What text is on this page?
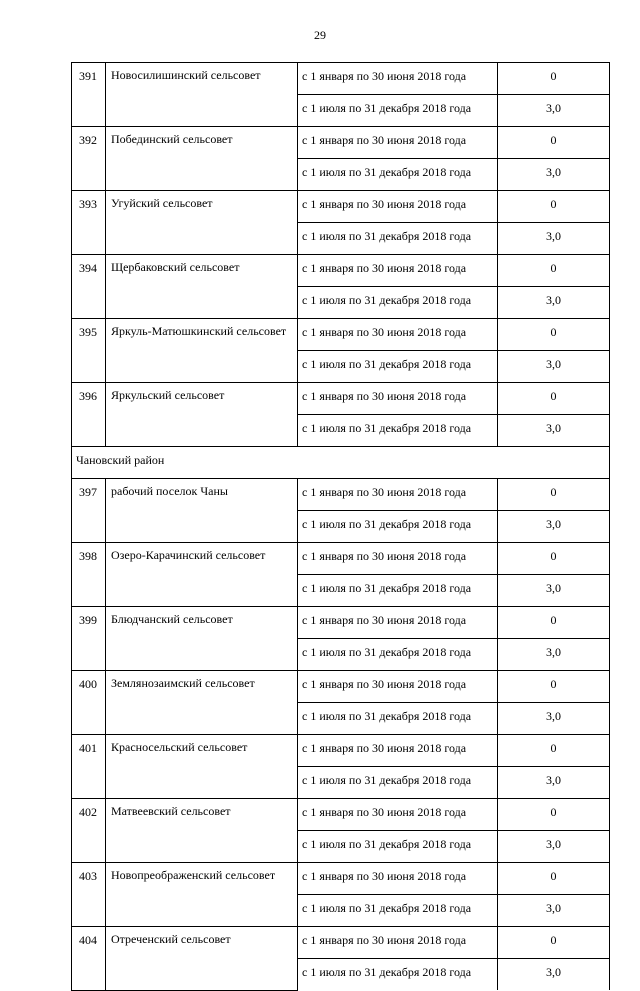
29
391	Новосилишинский сельсовет	с 1 января по 30 июня 2018 года	0
		с 1 июля по 31 декабря 2018 года	3,0
392	Побединский сельсовет	с 1 января по 30 июня 2018 года	0
		с 1 июля по 31 декабря 2018 года	3,0
393	Угуйский сельсовет	с 1 января по 30 июня 2018 года	0
		с 1 июля по 31 декабря 2018 года	3,0
394	Щербаковский сельсовет	с 1 января по 30 июня 2018 года	0
		с 1 июля по 31 декабря 2018 года	3,0
395	Яркуль-Матюшкинский сельсовет	с 1 января по 30 июня 2018 года	0
		с 1 июля по 31 декабря 2018 года	3,0
396	Яркульский сельсовет	с 1 января по 30 июня 2018 года	0
		с 1 июля по 31 декабря 2018 года	3,0
Чановский район			
397	рабочий поселок Чаны	с 1 января по 30 июня 2018 года	0
		с 1 июля по 31 декабря 2018 года	3,0
398	Озеро-Карачинский сельсовет	с 1 января по 30 июня 2018 года	0
		с 1 июля по 31 декабря 2018 года	3,0
399	Блюдчанский сельсовет	с 1 января по 30 июня 2018 года	0
		с 1 июля по 31 декабря 2018 года	3,0
400	Землянозаимский сельсовет	с 1 января по 30 июня 2018 года	0
		с 1 июля по 31 декабря 2018 года	3,0
401	Красносельский сельсовет	с 1 января по 30 июня 2018 года	0
		с 1 июля по 31 декабря 2018 года	3,0
402	Матвеевский сельсовет	с 1 января по 30 июня 2018 года	0
		с 1 июля по 31 декабря 2018 года	3,0
403	Новопреображенский сельсовет	с 1 января по 30 июня 2018 года	0
		с 1 июля по 31 декабря 2018 года	3,0
404	Отреченский сельсовет	с 1 января по 30 июня 2018 года	0
		с 1 июля по 31 декабря 2018 года	3,0
